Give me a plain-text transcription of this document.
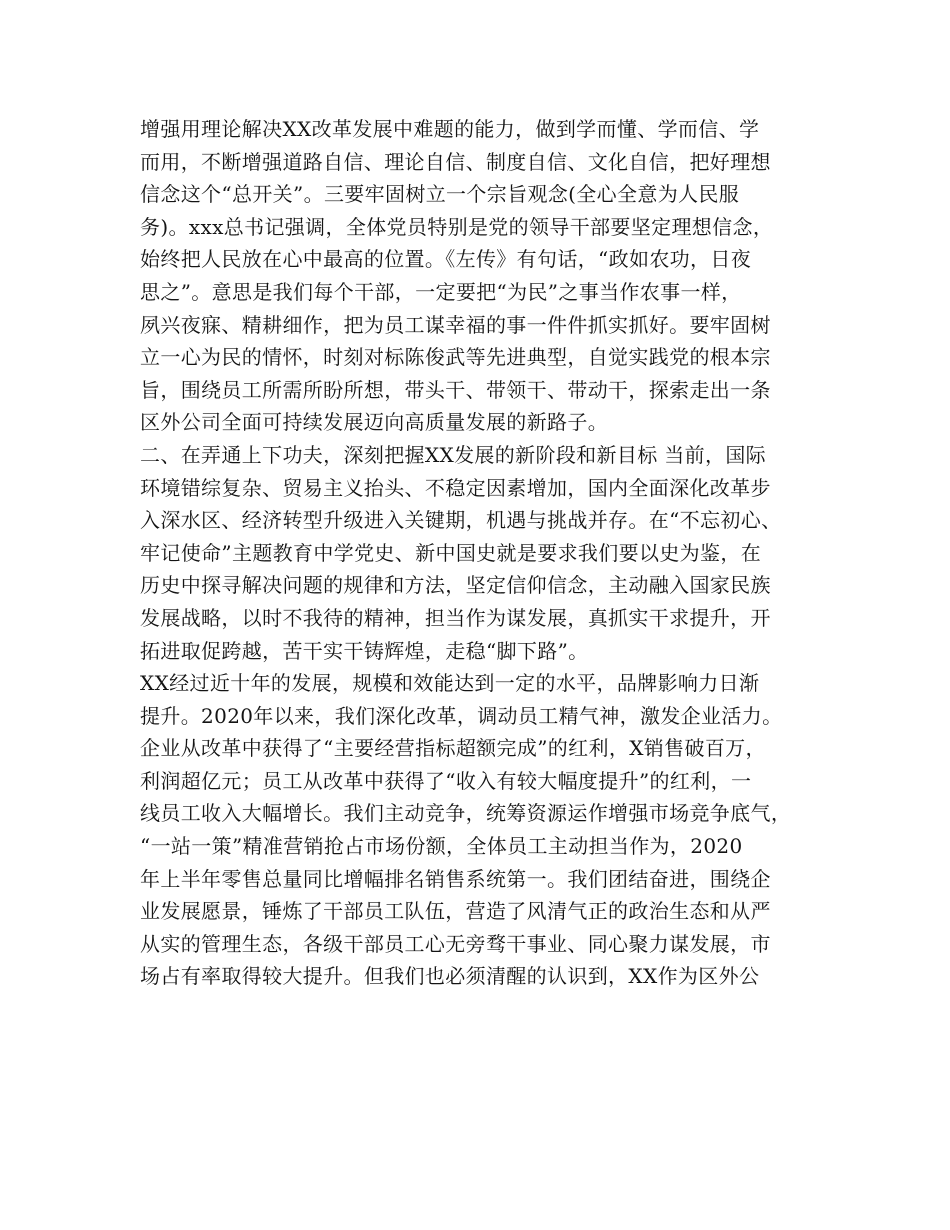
增强用理论解决XX改革发展中难题的能力，做到学而懂、学而信、学
而用，不断增强道路自信、理论自信、制度自信、文化自信，把好理想
信念这个“总开关”。三要牢固树立一个宗旨观念(全心全意为人民服
务)。xxx总书记强调，全体党员特别是党的领导干部要坚定理想信念，
始终把人民放在心中最高的位置。《左传》有句话，“政如农功，日夜
思之”。意思是我们每个干部，一定要把“为民”之事当作农事一样，
夙兴夜寐、精耕细作，把为员工谋幸福的事一件件抓实抓好。要牢固树
立一心为民的情怀，时刻对标陈俊武等先进典型，自觉实践党的根本宗
旨，围绕员工所需所盼所想，带头干、带领干、带动干，探索走出一条
区外公司全面可持续发展迈向高质量发展的新路子。
二、在弄通上下功夫，深刻把握XX发展的新阶段和新目标 当前，国际
环境错综复杂、贸易主义抬头、不稳定因素增加，国内全面深化改革步
入深水区、经济转型升级进入关键期，机遇与挑战并存。在“不忘初心、
牢记使命”主题教育中学党史、新中国史就是要求我们要以史为鉴，在
历史中探寻解决问题的规律和方法，坚定信仰信念，主动融入国家民族
发展战略，以时不我待的精神，担当作为谋发展，真抓实干求提升，开
拓进取促跨越，苦干实干铸辉煌，走稳“脚下路”。
XX经过近十年的发展，规模和效能达到一定的水平，品牌影响力日渐
提升。2020年以来，我们深化改革，调动员工精气神，激发企业活力。
企业从改革中获得了“主要经营指标超额完成”的红利，X销售破百万，
利润超亿元；员工从改革中获得了“收入有较大幅度提升”的红利，一
线员工收入大幅增长。我们主动竞争，统筹资源运作增强市场竞争底气，
“一站一策”精准营销抢占市场份额，全体员工主动担当作为，2020
年上半年零售总量同比增幅排名销售系统第一。我们团结奋进，围绕企
业发展愿景，锤炼了干部员工队伍，营造了风清气正的政治生态和从严
从实的管理生态，各级干部员工心无旁骛干事业、同心聚力谋发展，市
场占有率取得较大提升。但我们也必须清醒的认识到，XX作为区外公
